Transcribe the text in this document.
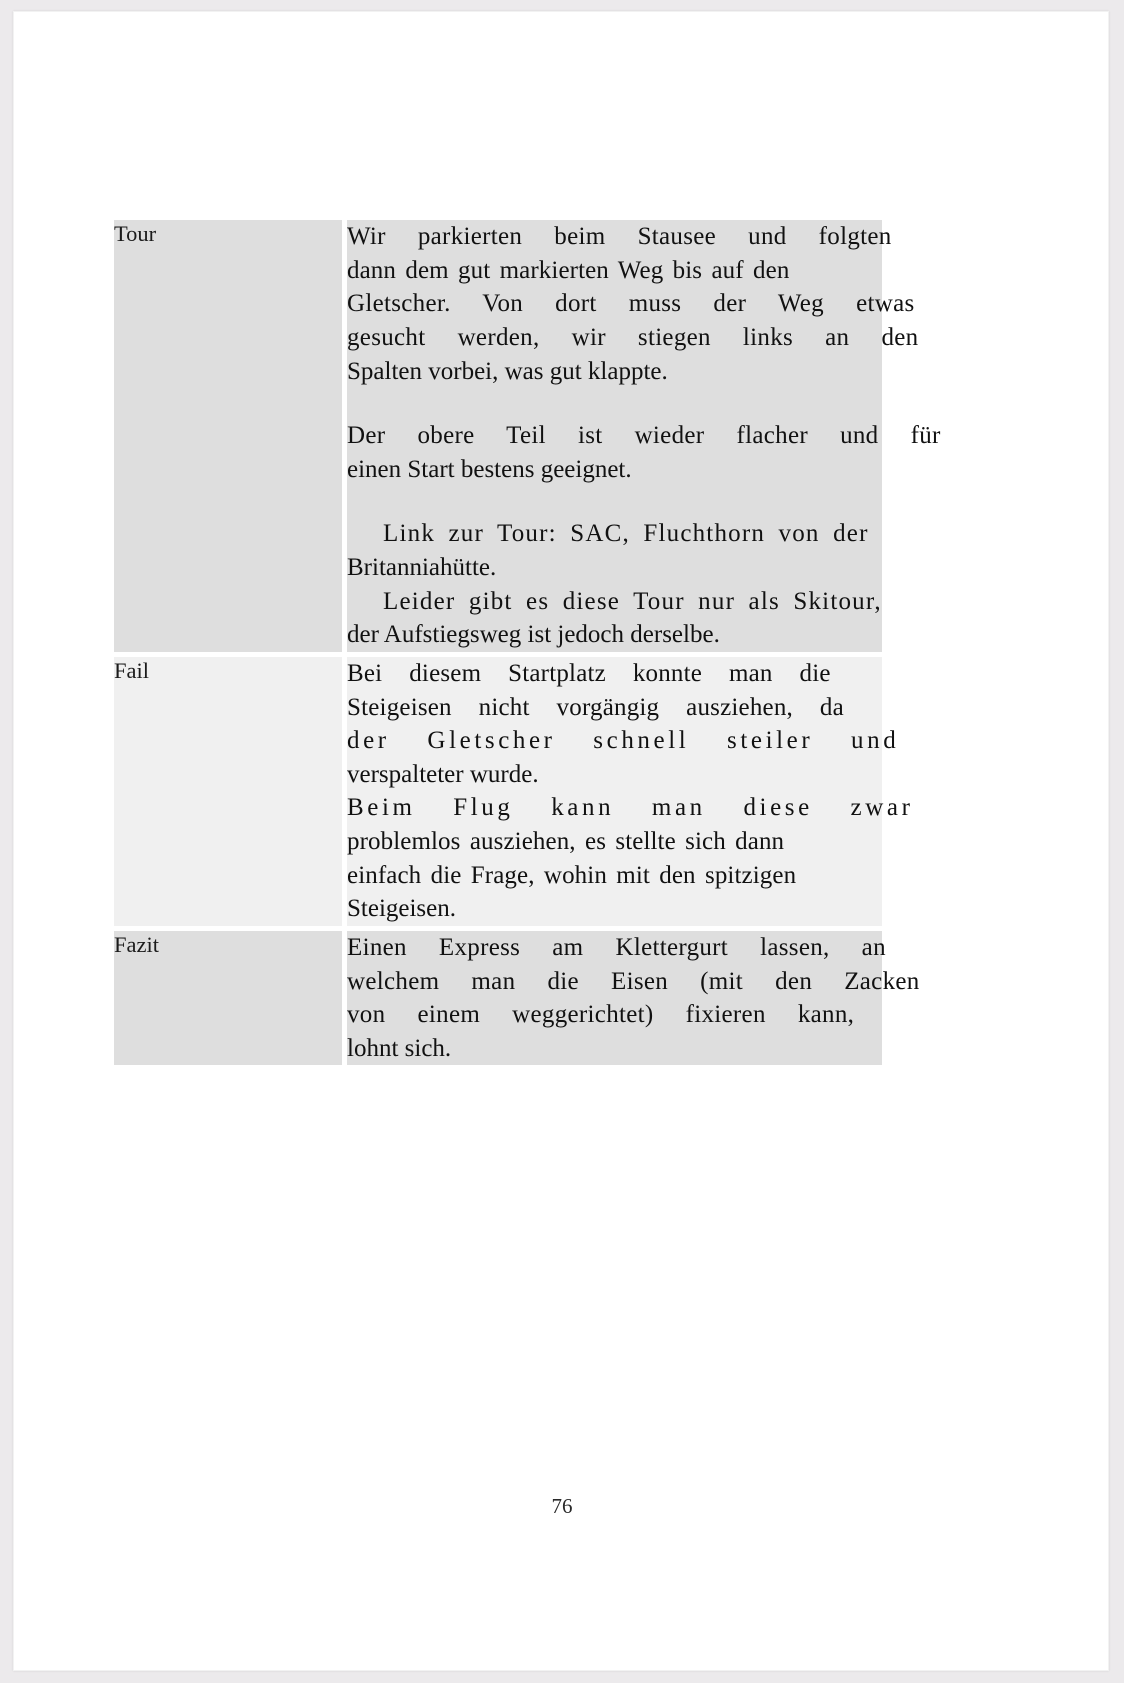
Tour		Wir  parkierten  beim  Stausee  und  folgten
dann dem gut markierten Weg bis auf den
Gletscher.  Von  dort  muss  der  Weg  etwas
gesucht  werden,  wir  stiegen  links  an  den
Spalten vorbei, was gut klappte.
Der  obere  Teil  ist  wieder  flacher  und  für
einen Start bestens geeignet.
Link zur Tour: SAC, Fluchthorn von der
Britanniahütte.
Leider gibt es diese Tour nur als Skitour,
der Aufstiegsweg ist jedoch derselbe.

Fail		Bei  diesem  Startplatz  konnte  man  die
Steigeisen  nicht  vorgängig  ausziehen,  da
der  Gletscher  schnell  steiler  und
verspalteter wurde.
Beim  Flug  kann  man  diese  zwar
problemlos ausziehen, es stellte sich dann
einfach die Frage, wohin mit den spitzigen
Steigeisen.

Fazit		Einen  Express  am  Klettergurt  lassen,  an
welchem  man  die  Eisen  (mit  den  Zacken
von  einem  weggerichtet)  fixieren  kann,
lohnt sich.
76
